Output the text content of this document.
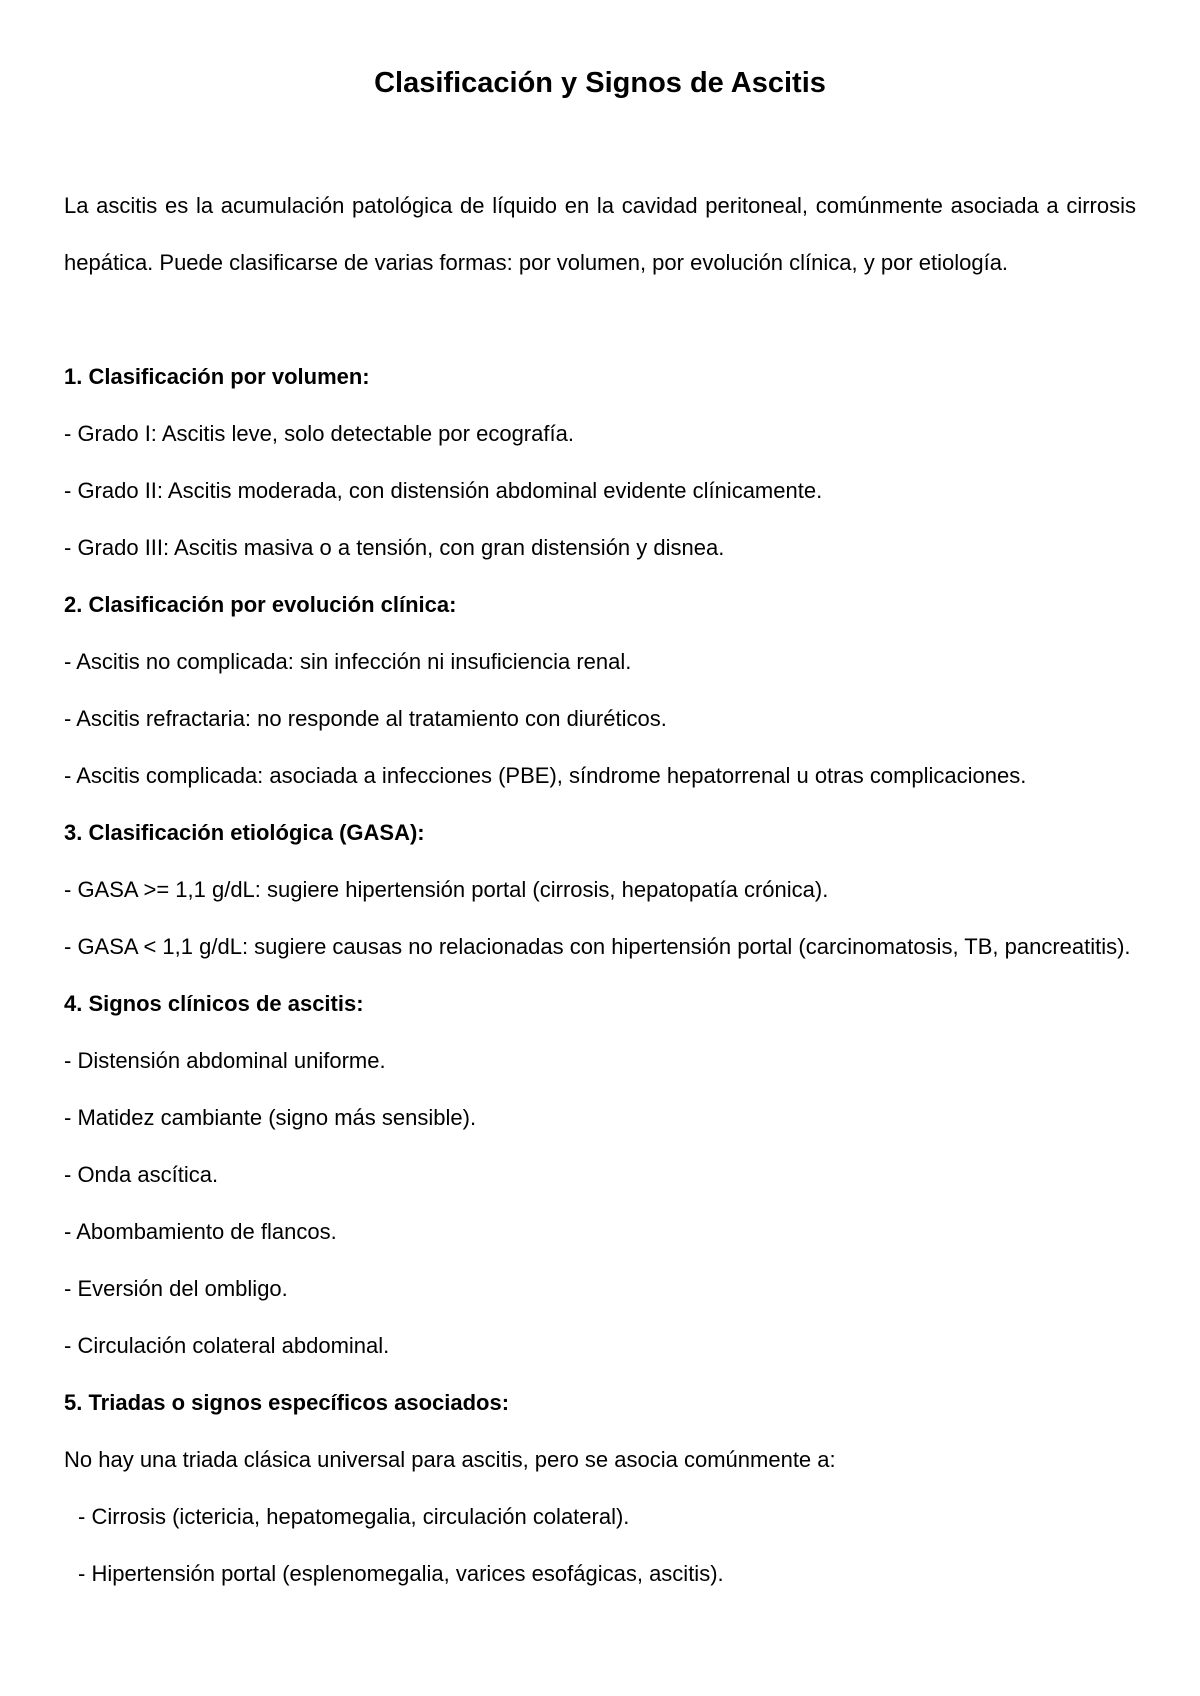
Clasificación y Signos de Ascitis

La ascitis es la acumulación patológica de líquido en la cavidad peritoneal, comúnmente asociada a cirrosis hepática. Puede clasificarse de varias formas: por volumen, por evolución clínica, y por etiología.

1. Clasificación por volumen:
- Grado I: Ascitis leve, solo detectable por ecografía.
- Grado II: Ascitis moderada, con distensión abdominal evidente clínicamente.
- Grado III: Ascitis masiva o a tensión, con gran distensión y disnea.
2. Clasificación por evolución clínica:
- Ascitis no complicada: sin infección ni insuficiencia renal.
- Ascitis refractaria: no responde al tratamiento con diuréticos.
- Ascitis complicada: asociada a infecciones (PBE), síndrome hepatorrenal u otras complicaciones.
3. Clasificación etiológica (GASA):
- GASA >= 1,1 g/dL: sugiere hipertensión portal (cirrosis, hepatopatía crónica).
- GASA < 1,1 g/dL: sugiere causas no relacionadas con hipertensión portal (carcinomatosis, TB, pancreatitis).
4. Signos clínicos de ascitis:
- Distensión abdominal uniforme.
- Matidez cambiante (signo más sensible).
- Onda ascítica.
- Abombamiento de flancos.
- Eversión del ombligo.
- Circulación colateral abdominal.
5. Triadas o signos específicos asociados:
No hay una triada clásica universal para ascitis, pero se asocia comúnmente a:
- Cirrosis (ictericia, hepatomegalia, circulación colateral).
- Hipertensión portal (esplenomegalia, varices esofágicas, ascitis).
